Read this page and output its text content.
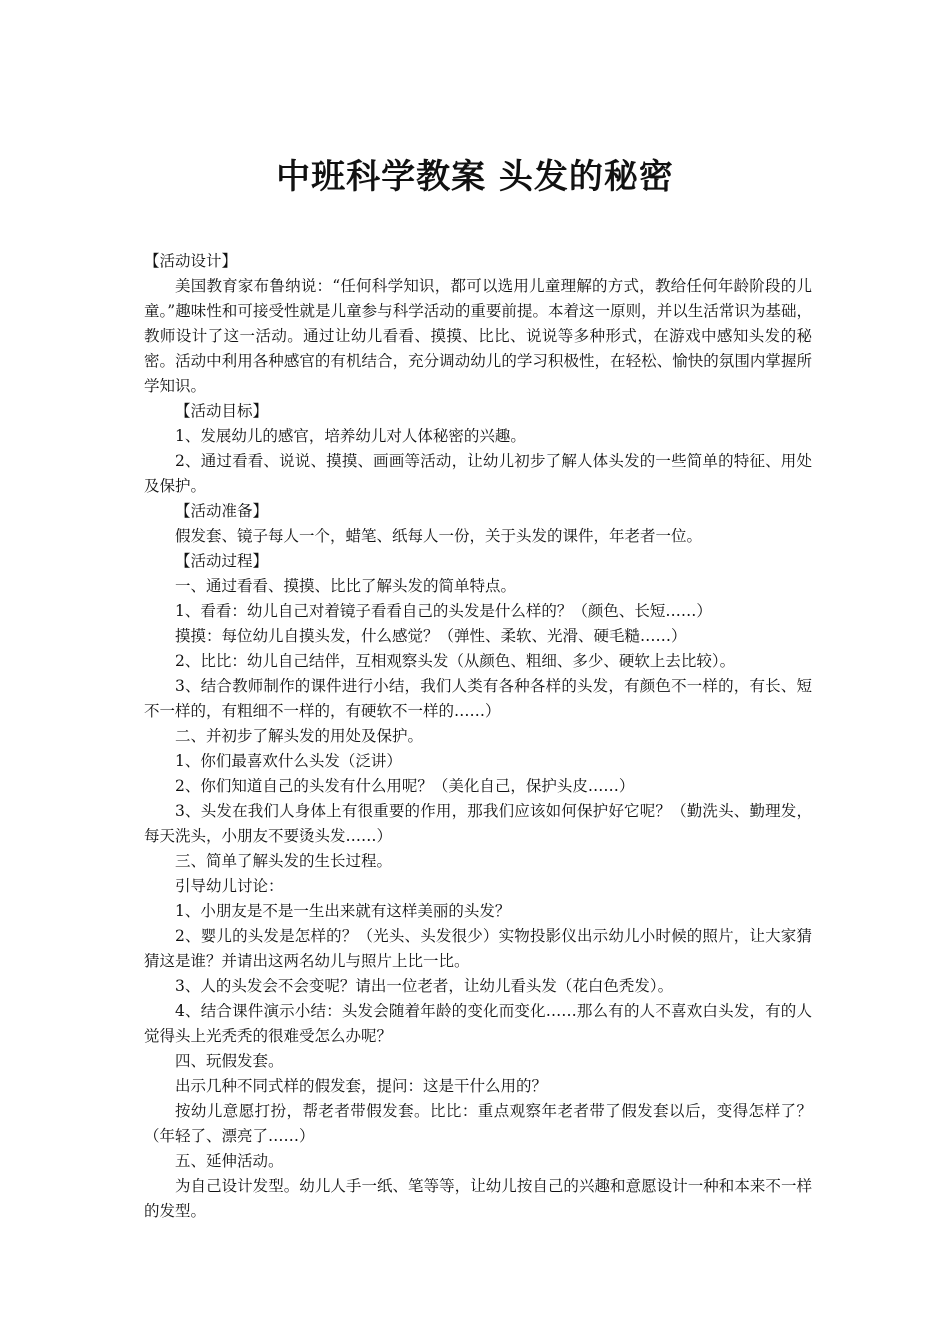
中班科学教案 头发的秘密

【活动设计】

美国教育家布鲁纳说：“任何科学知识，都可以选用儿童理解的方式，教给任何年龄阶段的儿童。”趣味性和可接受性就是儿童参与科学活动的重要前提。本着这一原则，并以生活常识为基础，教师设计了这一活动。通过让幼儿看看、摸摸、比比、说说等多种形式，在游戏中感知头发的秘密。活动中利用各种感官的有机结合，充分调动幼儿的学习积极性，在轻松、愉快的氛围内掌握所学知识。

【活动目标】

1、发展幼儿的感官，培养幼儿对人体秘密的兴趣。

2、通过看看、说说、摸摸、画画等活动，让幼儿初步了解人体头发的一些简单的特征、用处及保护。

【活动准备】

假发套、镜子每人一个，蜡笔、纸每人一份，关于头发的课件，年老者一位。

【活动过程】

一、通过看看、摸摸、比比了解头发的简单特点。

1、看看：幼儿自己对着镜子看看自己的头发是什么样的？（颜色、长短……）

摸摸：每位幼儿自摸头发，什么感觉？（弹性、柔软、光滑、硬毛糙……）

2、比比：幼儿自己结伴，互相观察头发（从颜色、粗细、多少、硬软上去比较）。

3、结合教师制作的课件进行小结，我们人类有各种各样的头发，有颜色不一样的，有长、短不一样的，有粗细不一样的，有硬软不一样的……）

二、并初步了解头发的用处及保护。

1、你们最喜欢什么头发（泛讲）

2、你们知道自己的头发有什么用呢？（美化自己，保护头皮……）

3、头发在我们人身体上有很重要的作用，那我们应该如何保护好它呢？（勤洗头、勤理发，每天洗头，小朋友不要烫头发……）

三、简单了解头发的生长过程。

引导幼儿讨论：

1、小朋友是不是一生出来就有这样美丽的头发？

2、婴儿的头发是怎样的？（光头、头发很少）实物投影仪出示幼儿小时候的照片，让大家猜猜这是谁？并请出这两名幼儿与照片上比一比。

3、人的头发会不会变呢？请出一位老者，让幼儿看头发（花白色秃发）。

4、结合课件演示小结：头发会随着年龄的变化而变化……那么有的人不喜欢白头发，有的人觉得头上光秃秃的很难受怎么办呢？

四、玩假发套。

出示几种不同式样的假发套，提问：这是干什么用的？

按幼儿意愿打扮，帮老者带假发套。比比：重点观察年老者带了假发套以后，变得怎样了？（年轻了、漂亮了……）

五、延伸活动。

为自己设计发型。幼儿人手一纸、笔等等，让幼儿按自己的兴趣和意愿设计一种和本来不一样的发型。
